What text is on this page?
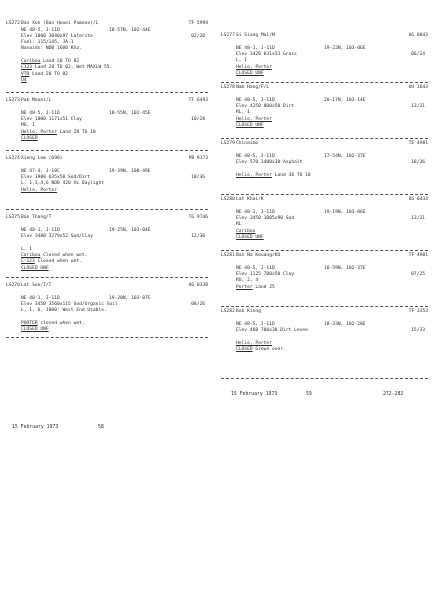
LS272 Ban Xon (Ban Houei Pamone)/L	TF 5994
NE 48-5, J-11D	18-57N, 102-44E
Elev 1000 3040x97 Laterite	02/20
Fuel: 115/145, JA-1
Navaids: NDB 1680 Khz.
Caribou Land 20 TO 02
C123 Land 20 TO 02, Wet MAXLW 55.
VTR Land 20 TO 02
U4
LS273 Pak Mouei/L	TF 6493
NE 48-5, J-11D	18-55N, 102-45E
Elev 1000 1171x51 Clay	10/28
MU, 1
Helio, Porter Land 28 TO 10
CLOSED
LS274 Xieng Lom (698)	PB 9173
NE 47-4, J-10C	19-39N, 100-49E
Elev 1900 635x50 Sod/Dirt	18/36
L, 1,3,4,6 NDB 420 XL Daylight
Helio, Porter
LS275 Ban Thang/T	TG 9746
NE 48-1, J-11D	19-25N, 103-04E
Elev 3480 3279x52 Sod/Clay	12/30
L, 1
Caribou Closed when wet.
C-123 Closed when wet.
CLOSED UNF
LS276 Lat Sen/T/T	UG 0338
NE 48-1, J-11D	19-20N, 103-07E
Elev 3450 3560x115 Sod/Organic Soil	08/26
L, 1, 6, 1000' West End Usable.
PORTER closed when wet.
CLOSED UNF
LS277 Si Siang Mai/N	UG 0043
NE 48-1, J-11D	19-22N, 103-06E
Elev 3420 831x53 Grass	06/24
L, 1
Helio, Porter
CLOSED UNF
LS278 Nam Hang/F/L	UH 1643
NE 48-5, J-11D	20-17N, 103-14E
Elev 4250 800x50 Dirt	13/31
RL, 1
Helio, Porter
CLOSED UNF
LS279 Chinaimo	TE 4981
NE 48-5, J-11D	17-54N, 102-37E
Elev 570 1400x30 Asphalt	18/36
Helio, Porter Land 36 TO 18
LS280 Lat Khai/K	UG 0434
NE 48-1, J-11D	19-19N, 103-06E
Elev 3450 1005x90 Sod	13/31
RL
Caribou
CLOSED UNF
LS281 Ban Na Kouang/KO	TF 4901
NE 48-5, J-11D	18-59N, 102-37E
Elev 1125 700x50 Clay	07/25
RU, 2, 4
Porter Land 25
LS282 Kok Kieng	TF 3353
NE 48-5, J-11D	18-33N, 102-28E
Elev 460 700x30 Dirt Levee	15/33
Helio, Porter
CLOSED Grown over.
15 February 1973	58
15 February 1973	59	272-282
